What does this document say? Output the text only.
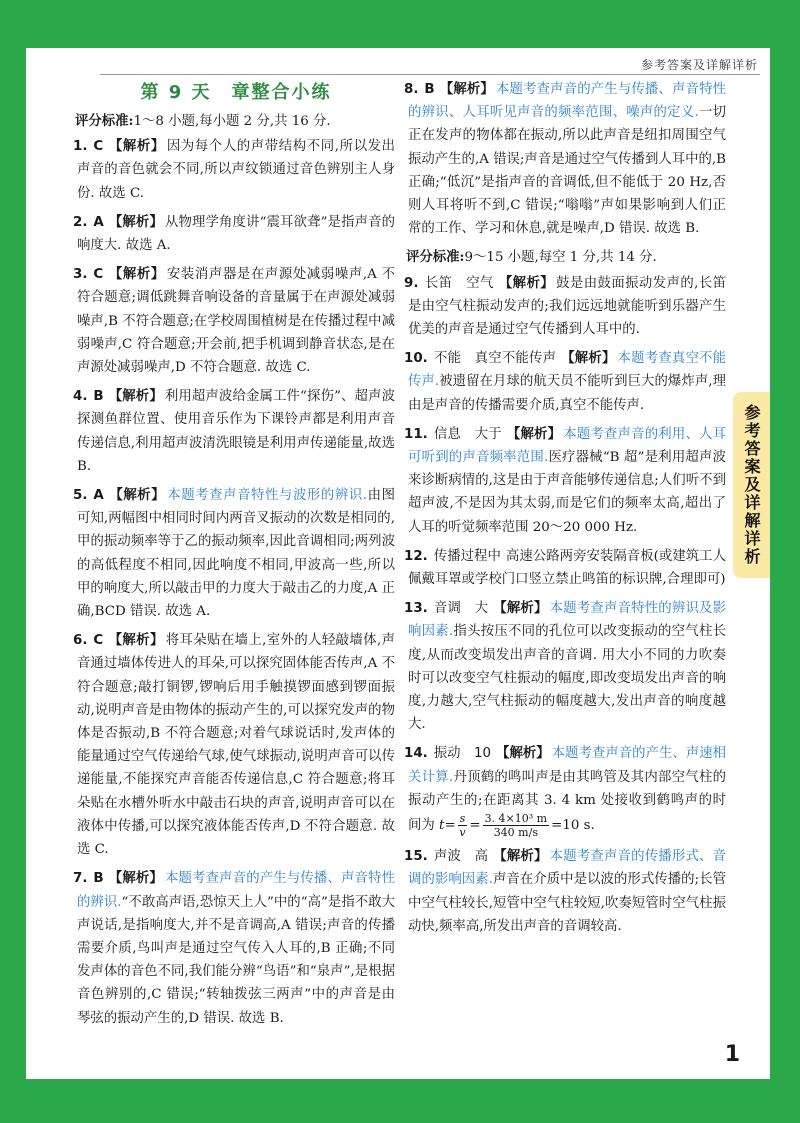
参考答案及详解详析
参考答案及详解详析
第 9 天　章整合小练
评分标准:1～8 小题,每小题 2 分,共 16 分.
1. C 【解析】 因为每个人的声带结构不同,所以发出声音的音色就会不同,所以声纹锁通过音色辨别主人身份. 故选 C.
2. A 【解析】 从物理学角度讲“震耳欲聋”是指声音的响度大. 故选 A.
3. C 【解析】 安装消声器是在声源处减弱噪声,A 不符合题意;调低跳舞音响设备的音量属于在声源处减弱噪声,B 不符合题意;在学校周围植树是在传播过程中减弱噪声,C 符合题意;开会前,把手机调到静音状态,是在声源处减弱噪声,D 不符合题意. 故选 C.
4. B 【解析】 利用超声波给金属工件“探伤”、超声波探测鱼群位置、使用音乐作为下课铃声都是利用声音传递信息,利用超声波清洗眼镜是利用声传递能量,故选 B.
5. A 【解析】 本题考查声音特性与波形的辨识.由图可知,两幅图中相同时间内两音叉振动的次数是相同的,甲的振动频率等于乙的振动频率,因此音调相同;两列波的高低程度不相同,因此响度不相同,甲波高一些,所以甲的响度大,所以敲击甲的力度大于敲击乙的力度,A 正确,BCD 错误. 故选 A.
6. C 【解析】 将耳朵贴在墙上,室外的人轻敲墙体,声音通过墙体传进人的耳朵,可以探究固体能否传声,A 不符合题意;敲打铜锣,锣响后用手触摸锣面感到锣面振动,说明声音是由物体的振动产生的,可以探究发声的物体是否振动,B 不符合题意;对着气球说话时,发声体的能量通过空气传递给气球,使气球振动,说明声音可以传递能量,不能探究声音能否传递信息,C 符合题意;将耳朵贴在水槽外听水中敲击石块的声音,说明声音可以在液体中传播,可以探究液体能否传声,D 不符合题意. 故选 C.
7. B 【解析】 本题考查声音的产生与传播、声音特性的辨识.“不敢高声语,恐惊天上人”中的“高”是指不敢大声说话,是指响度大,并不是音调高,A 错误;声音的传播需要介质,鸟叫声是通过空气传入人耳的,B 正确;不同发声体的音色不同,我们能分辨“鸟语”和“泉声”,是根据音色辨别的,C 错误;“转轴拨弦三两声”中的声音是由琴弦的振动产生的,D 错误. 故选 B.
8. B 【解析】 本题考查声音的产生与传播、声音特性的辨识、人耳听见声音的频率范围、噪声的定义.一切正在发声的物体都在振动,所以此声音是纽扣周围空气振动产生的,A 错误;声音是通过空气传播到人耳中的,B 正确;“低沉”是指声音的音调低,但不能低于 20 Hz,否则人耳将听不到,C 错误;“嗡嗡”声如果影响到人们正常的工作、学习和休息,就是噪声,D 错误. 故选 B.
评分标准:9～15 小题,每空 1 分,共 14 分.
9. 长笛　空气 【解析】 鼓是由鼓面振动发声的,长笛是由空气柱振动发声的;我们远远地就能听到乐器产生优美的声音是通过空气传播到人耳中的.
10. 不能　真空不能传声 【解析】 本题考查真空不能传声.被遗留在月球的航天员不能听到巨大的爆炸声,理由是声音的传播需要介质,真空不能传声.
11. 信息　大于 【解析】 本题考查声音的利用、人耳可听到的声音频率范围.医疗器械“B 超”是利用超声波来诊断病情的,这是由于声音能够传递信息;人们听不到超声波,不是因为其太弱,而是它们的频率太高,超出了人耳的听觉频率范围 20～20 000 Hz.
12. 传播过程中 高速公路两旁安装隔音板(或建筑工人佩戴耳罩或学校门口竖立禁止鸣笛的标识牌,合理即可)
13. 音调　大 【解析】 本题考查声音特性的辨识及影响因素.指头按压不同的孔位可以改变振动的空气柱长度,从而改变埙发出声音的音调. 用大小不同的力吹奏时可以改变空气柱振动的幅度,即改变埙发出声音的响度,力越大,空气柱振动的幅度越大,发出声音的响度越大.
14. 振动　10 【解析】 本题考查声音的产生、声速相关计算.丹顶鹤的鸣叫声是由其鸣管及其内部空气柱的振动产生的;在距离其 3. 4 km 处接收到鹤鸣声的时间为 $t= \frac{s}{v} = \frac{\text{3. 4×10³ m}}{340 m/s} =10$ s.
15. 声波　高 【解析】 本题考查声音的传播形式、音调的影响因素.声音在介质中是以波的形式传播的;长管中空气柱较长,短管中空气柱较短,吹奏短管时空气柱振动快,频率高,所发出声音的音调较高.
1
